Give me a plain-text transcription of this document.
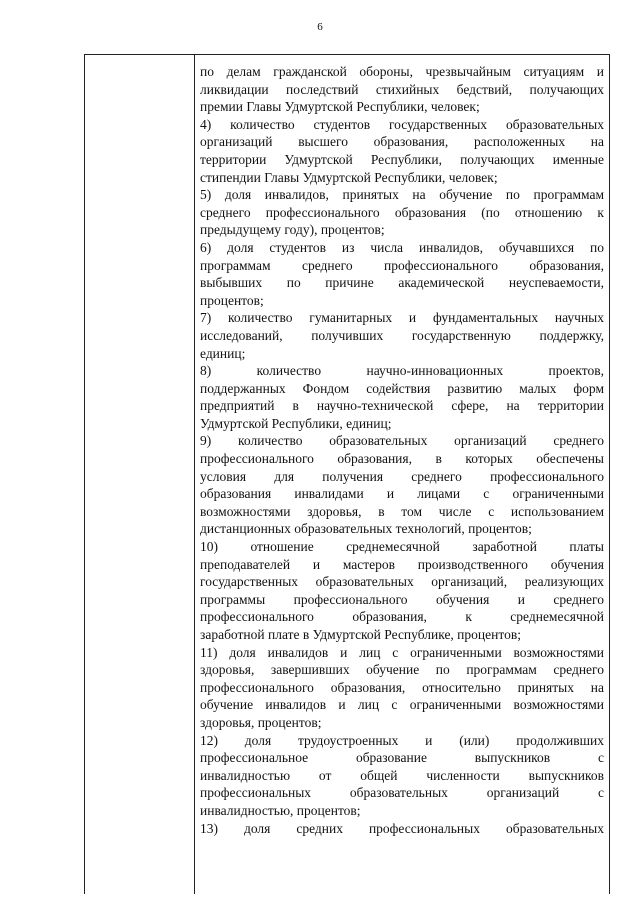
6
по делам гражданской обороны, чрезвычайным ситуациям и
ликвидации последствий стихийных бедствий, получающих
премии Главы Удмуртской Республики, человек;
4) количество студентов государственных образовательных
организаций высшего образования, расположенных на
территории Удмуртской Республики, получающих именные
стипендии Главы Удмуртской Республики, человек;
5) доля инвалидов, принятых на обучение по программам
среднего профессионального образования (по отношению к
предыдущему году), процентов;
6) доля студентов из числа инвалидов, обучавшихся по
программам среднего профессионального образования,
выбывших по причине академической неуспеваемости,
процентов;
7) количество гуманитарных и фундаментальных научных
исследований, получивших государственную поддержку,
единиц;
8) количество научно-инновационных проектов,
поддержанных Фондом содействия развитию малых форм
предприятий в научно-технической сфере, на территории
Удмуртской Республики, единиц;
9) количество образовательных организаций среднего
профессионального образования, в которых обеспечены
условия для получения среднего профессионального
образования инвалидами и лицами с ограниченными
возможностями здоровья, в том числе с использованием
дистанционных образовательных технологий, процентов;
10) отношение среднемесячной заработной платы
преподавателей и мастеров производственного обучения
государственных образовательных организаций, реализующих
программы профессионального обучения и среднего
профессионального образования, к среднемесячной
заработной плате в Удмуртской Республике, процентов;
11) доля инвалидов и лиц с ограниченными возможностями
здоровья, завершивших обучение по программам среднего
профессионального образования, относительно принятых на
обучение инвалидов и лиц с ограниченными возможностями
здоровья, процентов;
12) доля трудоустроенных и (или) продолживших
профессиональное образование выпускников с
инвалидностью от общей численности выпускников
профессиональных образовательных организаций с
инвалидностью, процентов;
13) доля средних профессиональных образовательных
